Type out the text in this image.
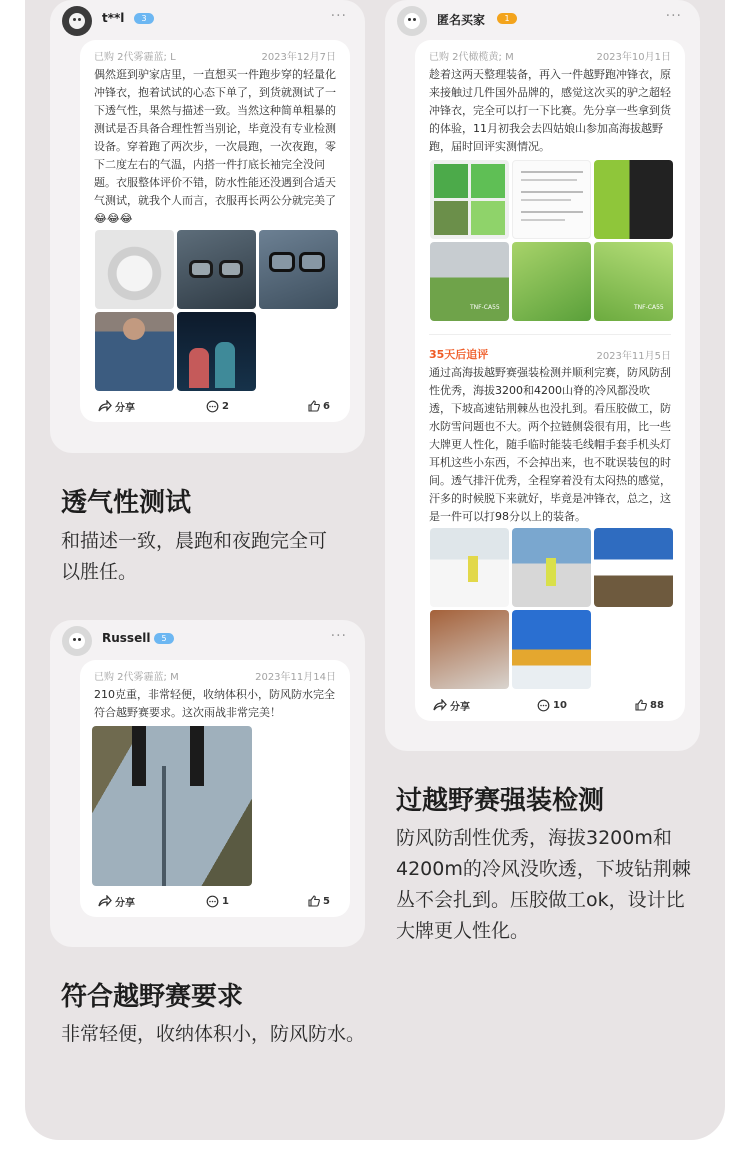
t**l	3	···
已购 2代雾霾蓝; L	2023年12月7日
偶然逛到驴家店里，一直想买一件跑步穿的轻量化冲锋衣，抱着试试的心态下单了，到货就测试了一下透气性，果然与描述一致。当然这种简单粗暴的测试是否具备合理性暂当别论，毕竟没有专业检测设备。穿着跑了两次步，一次晨跑，一次夜跑，零下二度左右的气温，内搭一件打底长袖完全没问题。衣服整体评价不错，防水性能还没遇到合适天气测试，就我个人而言，衣服再长两公分就完美了😂😂😂
分享	2	6
透气性测试
和描述一致，晨跑和夜跑完全可以胜任。
Russell	5	···
已购 2代雾霾蓝; M	2023年11月14日
210克重，非常轻便，收纳体积小，防风防水完全符合越野赛要求。这次雨战非常完美！
分享	1	5
符合越野赛要求
非常轻便，收纳体积小，防风防水。
匿名买家	1	···
已购 2代橄榄黄; M	2023年10月1日
趁着这两天整理装备，再入一件越野跑冲锋衣，原来接触过几件国外品牌的，感觉这次买的驴之超轻冲锋衣，完全可以打一下比赛。先分享一些拿到货的体验，11月初我会去四姑娘山参加高海拔越野跑，届时回评实测情况。
TNF-CA55	TNF-CA55
35天后追评	2023年11月5日
通过高海拔越野赛强装检测并顺利完赛，防风防刮性优秀，海拔3200和4200山脊的冷风都没吹透，下坡高速钻荆棘丛也没扎到。看压胶做工，防水防雪问题也不大。两个拉链侧袋很有用，比一些大牌更人性化，随手临时能装毛线帽手套手机头灯耳机这些小东西，不会掉出来，也不耽误装包的时间。透气排汗优秀，全程穿着没有太闷热的感觉，汗多的时候脱下来就好，毕竟是冲锋衣，总之，这是一件可以打98分以上的装备。
分享	10	88
过越野赛强装检测
防风防刮性优秀，海拔3200m和4200m的冷风没吹透，下坡钻荆棘丛不会扎到。压胶做工ok，设计比大牌更人性化。
